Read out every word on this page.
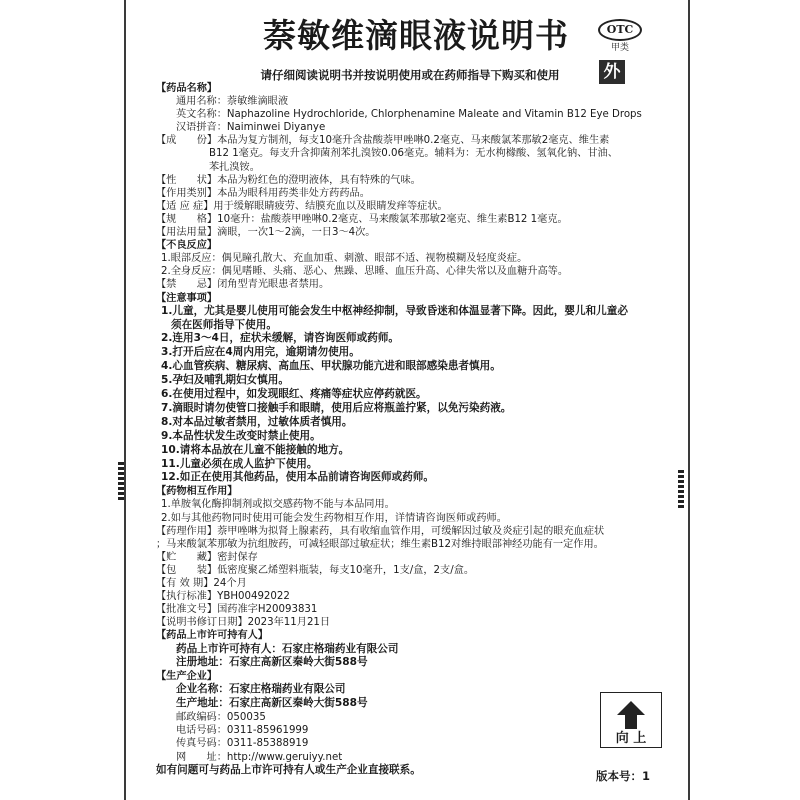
萘敏维滴眼液说明书	OTC
甲类
外
请仔细阅读说明书并按说明使用或在药师指导下购买和使用
【药品名称】
通用名称：萘敏维滴眼液
英文名称：Naphazoline Hydrochloride, Chlorphenamine Maleate and Vitamin B12 Eye Drops
汉语拼音：Naiminwei Diyanye
【成　　份】本品为复方制剂，每支10毫升含盐酸萘甲唑啉0.2毫克、马来酸氯苯那敏2毫克、维生素
B12 1毫克。每支升含抑菌剂苯扎溴铵0.06毫克。辅料为：无水枸橼酸、氢氧化钠、甘油、
苯扎溴铵。
【性　　状】本品为粉红色的澄明液体，具有特殊的气味。
【作用类别】本品为眼科用药类非处方药药品。
【适 应 症】用于缓解眼睛疲劳、结膜充血以及眼睛发痒等症状。
【规　　格】10毫升：盐酸萘甲唑啉0.2毫克、马来酸氯苯那敏2毫克、维生素B12 1毫克。
【用法用量】滴眼，一次1～2滴，一日3～4次。
【不良反应】
1.眼部反应：偶见瞳孔散大、充血加重、刺激、眼部不适、视物模糊及轻度炎症。
2.全身反应：偶见嗜睡、头痛、恶心、焦躁、思睡、血压升高、心律失常以及血糖升高等。
【禁　　忌】闭角型青光眼患者禁用。
【注意事项】
1.儿童，尤其是婴儿使用可能会发生中枢神经抑制，导致昏迷和体温显著下降。因此，婴儿和儿童必
须在医师指导下使用。
2.连用3～4日，症状未缓解，请咨询医师或药师。
3.打开后应在4周内用完，逾期请勿使用。
4.心血管疾病、糖尿病、高血压、甲状腺功能亢进和眼部感染患者慎用。
5.孕妇及哺乳期妇女慎用。
6.在使用过程中，如发现眼红、疼痛等症状应停药就医。
7.滴眼时请勿使管口接触手和眼睛，使用后应将瓶盖拧紧，以免污染药液。
8.对本品过敏者禁用，过敏体质者慎用。
9.本品性状发生改变时禁止使用。
10.请将本品放在儿童不能接触的地方。
11.儿童必须在成人监护下使用。
12.如正在使用其他药品，使用本品前请咨询医师或药师。
【药物相互作用】
1.单胺氧化酶抑制剂或拟交感药物不能与本品同用。
2.如与其他药物同时使用可能会发生药物相互作用，详情请咨询医师或药师。
【药理作用】萘甲唑啉为拟肾上腺素药，具有收缩血管作用，可缓解因过敏及炎症引起的眼充血症状
；马来酸氯苯那敏为抗组胺药，可减轻眼部过敏症状；维生素B12对维持眼部神经功能有一定作用。
【贮　　藏】密封保存
【包　　装】低密度聚乙烯塑料瓶装，每支10毫升，1支/盒，2支/盒。
【有 效 期】24个月
【执行标准】YBH00492022
【批准文号】国药准字H20093831
【说明书修订日期】2023年11月21日
【药品上市许可持有人】
药品上市许可持有人：石家庄格瑞药业有限公司
注册地址：石家庄高新区秦岭大街588号
【生产企业】
企业名称：石家庄格瑞药业有限公司
生产地址：石家庄高新区秦岭大街588号
邮政编码：050035
电话号码：0311-85961999
传真号码：0311-85388919
网　　址：http://www.geruiyy.net
如有问题可与药品上市许可持有人或生产企业直接联系。
向 上
版本号：1
